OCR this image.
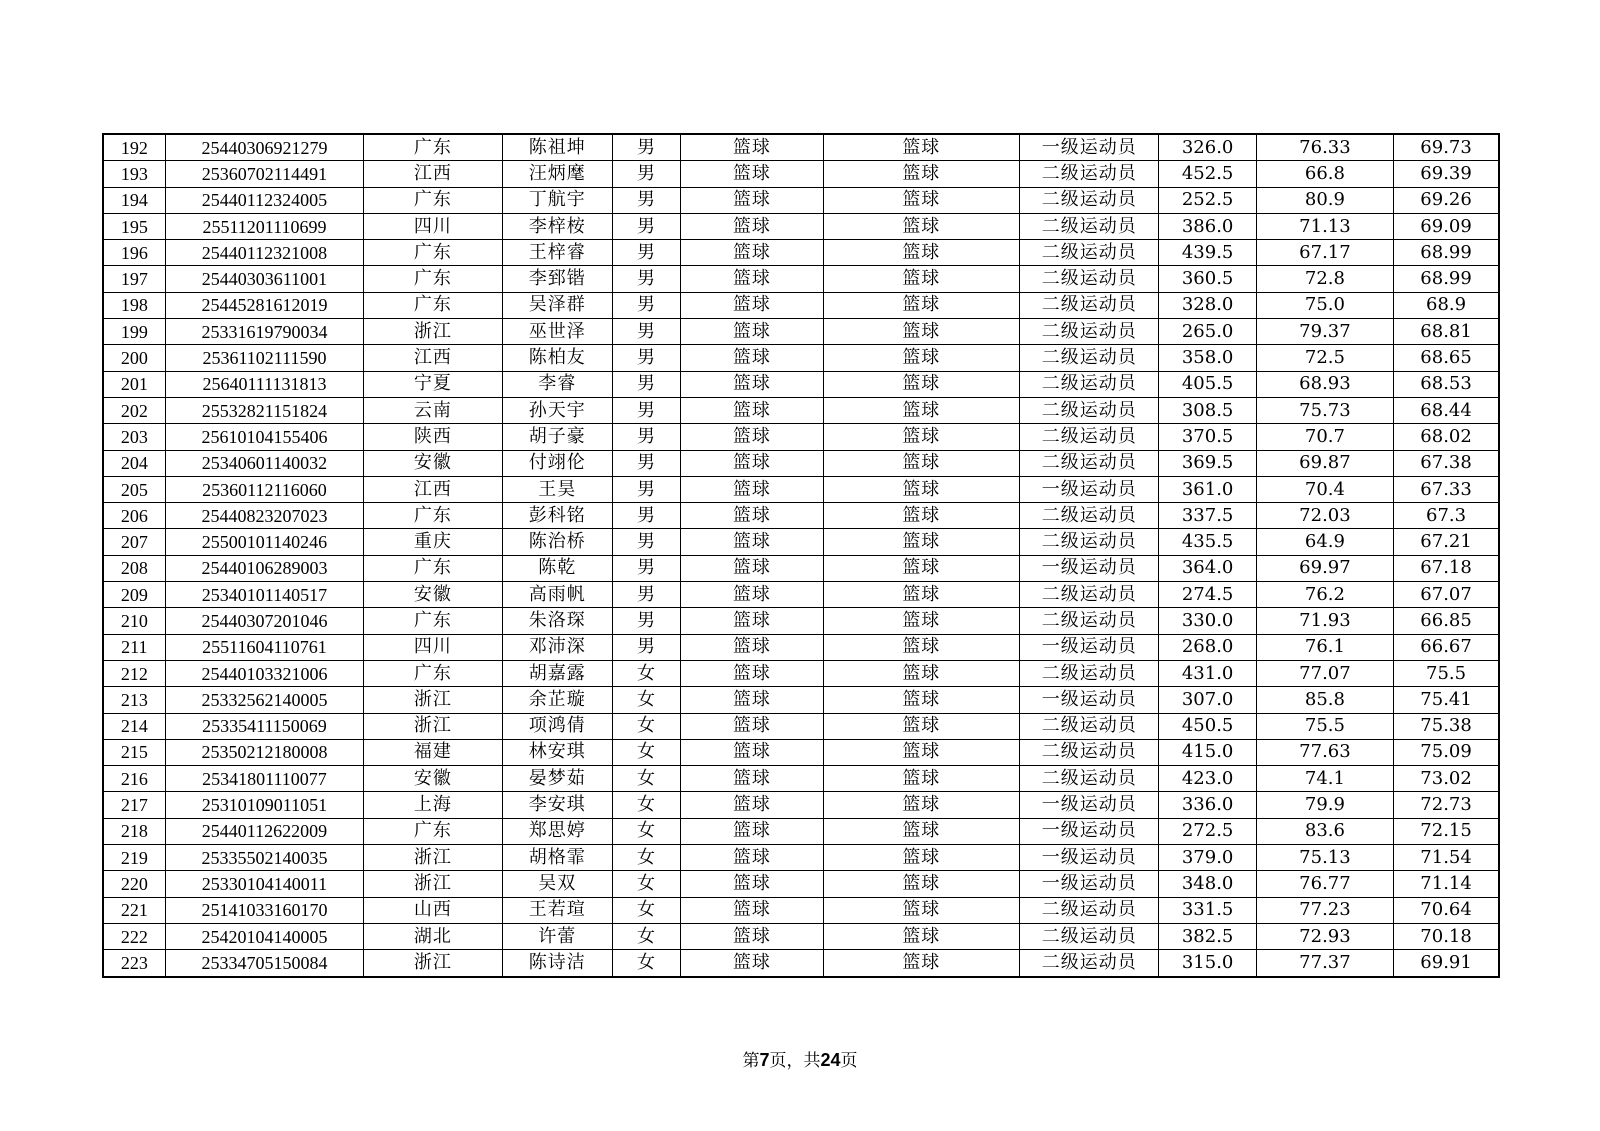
192	25440306921279	广东	陈祖坤	男	篮球	篮球	一级运动员	326.0	76.33	69.73
193	25360702114491	江西	汪炳麾	男	篮球	篮球	二级运动员	452.5	66.8	69.39
194	25440112324005	广东	丁航宇	男	篮球	篮球	二级运动员	252.5	80.9	69.26
195	25511201110699	四川	李梓桉	男	篮球	篮球	二级运动员	386.0	71.13	69.09
196	25440112321008	广东	王梓睿	男	篮球	篮球	二级运动员	439.5	67.17	68.99
197	25440303611001	广东	李郅锴	男	篮球	篮球	二级运动员	360.5	72.8	68.99
198	25445281612019	广东	吴泽群	男	篮球	篮球	二级运动员	328.0	75.0	68.9
199	25331619790034	浙江	巫世泽	男	篮球	篮球	二级运动员	265.0	79.37	68.81
200	25361102111590	江西	陈柏友	男	篮球	篮球	二级运动员	358.0	72.5	68.65
201	25640111131813	宁夏	李睿	男	篮球	篮球	二级运动员	405.5	68.93	68.53
202	25532821151824	云南	孙天宇	男	篮球	篮球	二级运动员	308.5	75.73	68.44
203	25610104155406	陕西	胡子豪	男	篮球	篮球	二级运动员	370.5	70.7	68.02
204	25340601140032	安徽	付翊伦	男	篮球	篮球	二级运动员	369.5	69.87	67.38
205	25360112116060	江西	王昊	男	篮球	篮球	一级运动员	361.0	70.4	67.33
206	25440823207023	广东	彭科铭	男	篮球	篮球	二级运动员	337.5	72.03	67.3
207	25500101140246	重庆	陈治桥	男	篮球	篮球	二级运动员	435.5	64.9	67.21
208	25440106289003	广东	陈乾	男	篮球	篮球	一级运动员	364.0	69.97	67.18
209	25340101140517	安徽	高雨帆	男	篮球	篮球	二级运动员	274.5	76.2	67.07
210	25440307201046	广东	朱洛琛	男	篮球	篮球	二级运动员	330.0	71.93	66.85
211	25511604110761	四川	邓沛深	男	篮球	篮球	一级运动员	268.0	76.1	66.67
212	25440103321006	广东	胡嘉露	女	篮球	篮球	二级运动员	431.0	77.07	75.5
213	25332562140005	浙江	余芷璇	女	篮球	篮球	一级运动员	307.0	85.8	75.41
214	25335411150069	浙江	项鸿倩	女	篮球	篮球	二级运动员	450.5	75.5	75.38
215	25350212180008	福建	林安琪	女	篮球	篮球	二级运动员	415.0	77.63	75.09
216	25341801110077	安徽	晏梦茹	女	篮球	篮球	二级运动员	423.0	74.1	73.02
217	25310109011051	上海	李安琪	女	篮球	篮球	一级运动员	336.0	79.9	72.73
218	25440112622009	广东	郑思婷	女	篮球	篮球	一级运动员	272.5	83.6	72.15
219	25335502140035	浙江	胡格霏	女	篮球	篮球	一级运动员	379.0	75.13	71.54
220	25330104140011	浙江	吴双	女	篮球	篮球	一级运动员	348.0	76.77	71.14
221	25141033160170	山西	王若瑄	女	篮球	篮球	二级运动员	331.5	77.23	70.64
222	25420104140005	湖北	许蕾	女	篮球	篮球	二级运动员	382.5	72.93	70.18
223	25334705150084	浙江	陈诗洁	女	篮球	篮球	二级运动员	315.0	77.37	69.91
第7页，共24页
